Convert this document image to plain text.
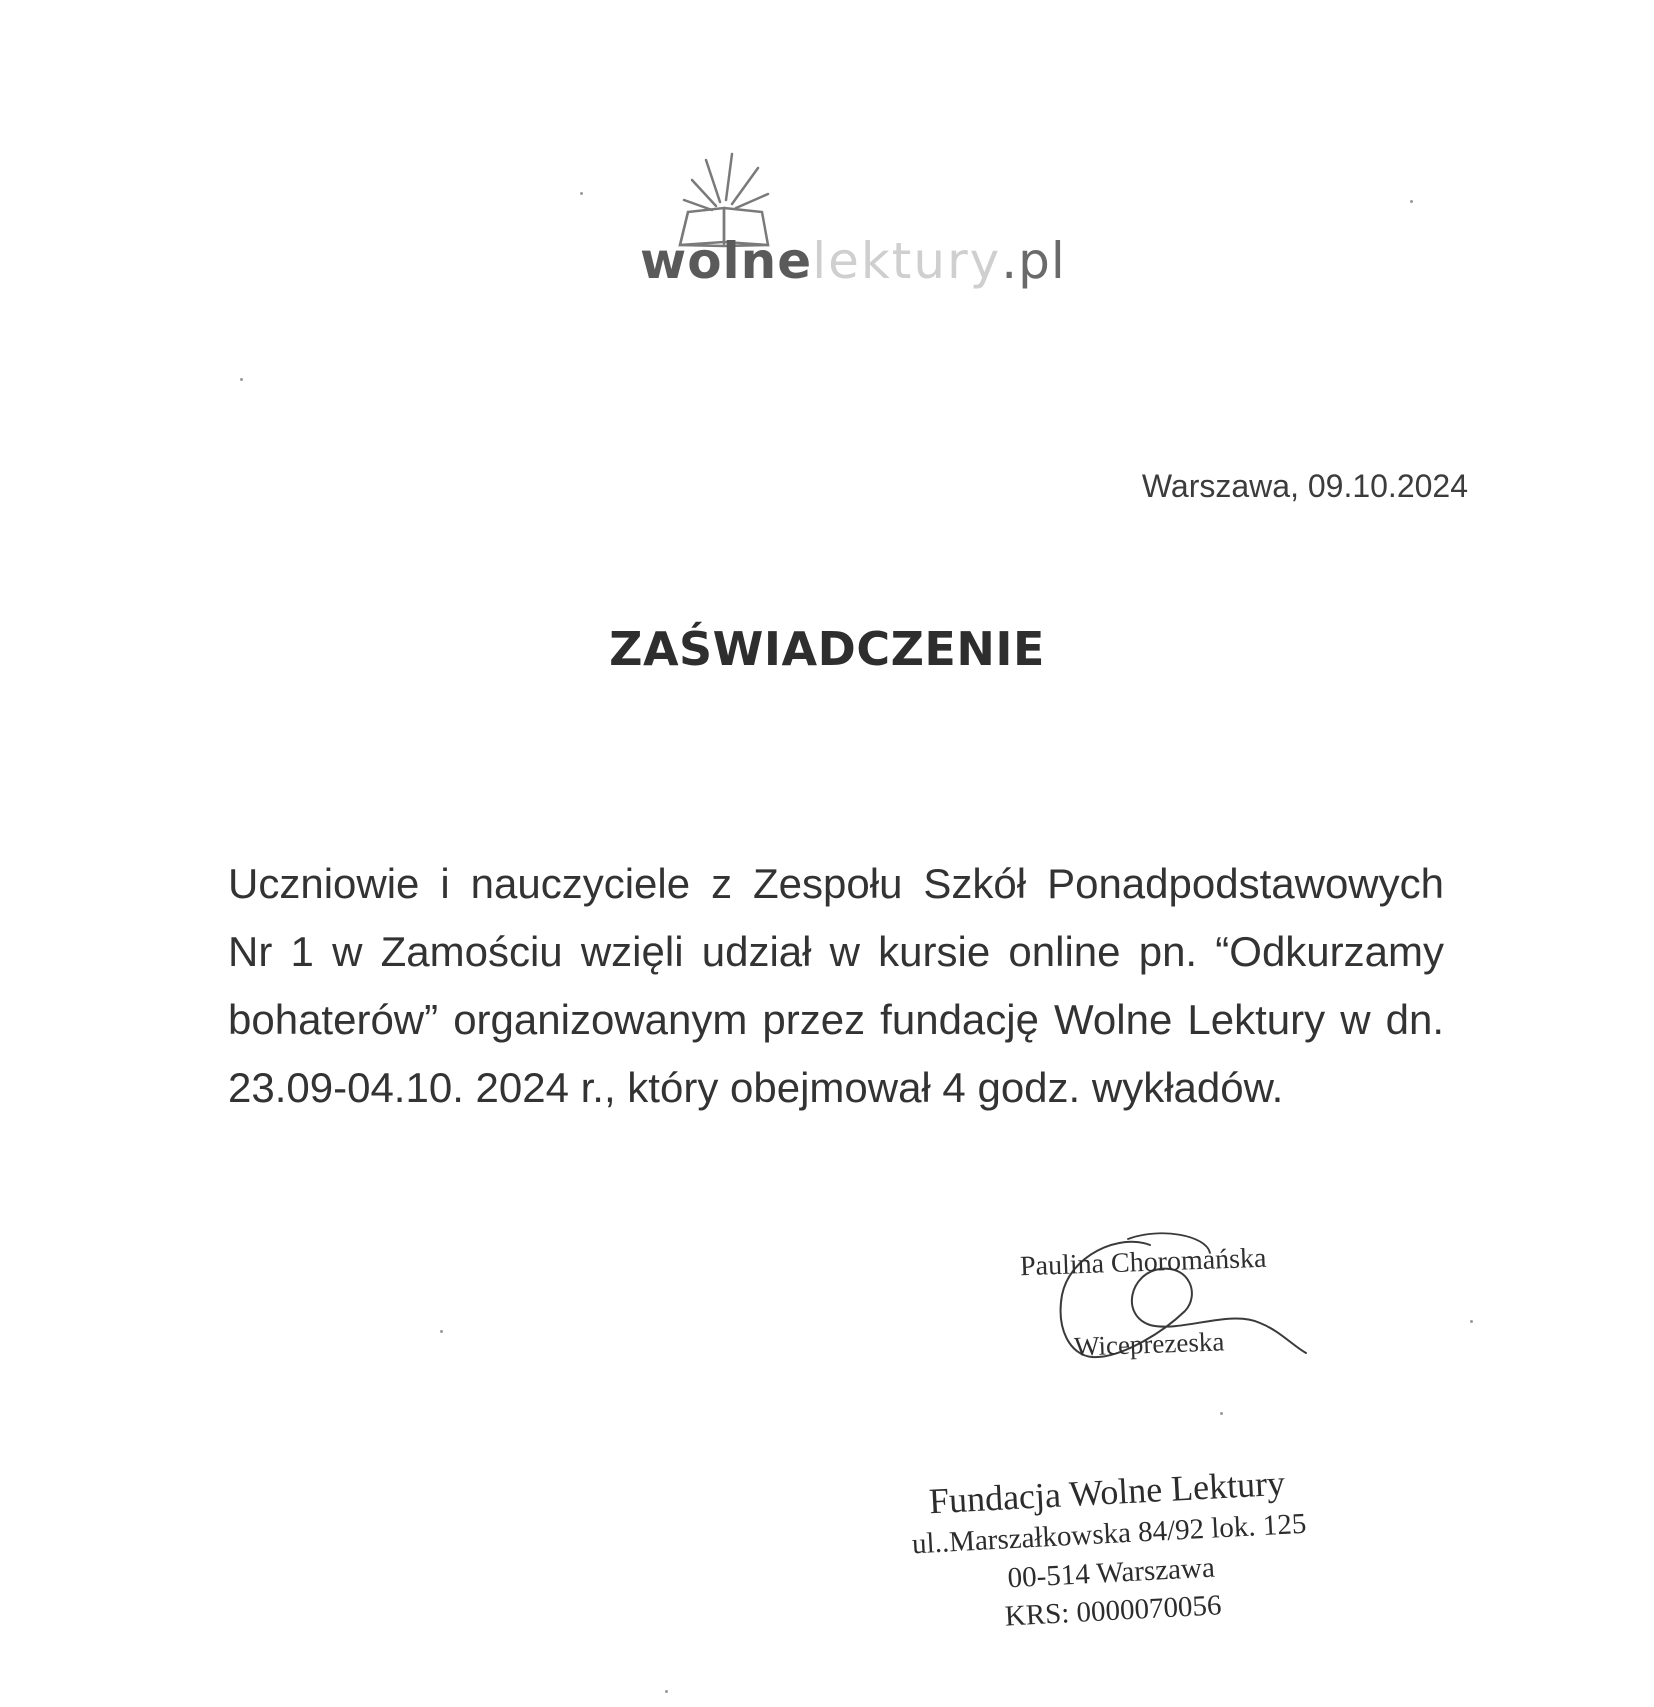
wolnelektury.pl
Warszawa, 09.10.2024
ZAŚWIADCZENIE
Uczniowie i nauczyciele z Zespołu Szkół Ponadpodstawowych Nr 1 w Zamościu wzięli udział w kursie online pn. “Odkurzamy bohaterów” organizowanym przez fundację Wolne Lektury w dn. 23.09-04.10. 2024 r., który obejmował 4 godz. wykładów.
Paulina Choromańska
Wiceprezeska
Fundacja Wolne Lektury
ul..Marszałkowska 84/92 lok. 125
00-514 Warszawa
KRS: 0000070056
